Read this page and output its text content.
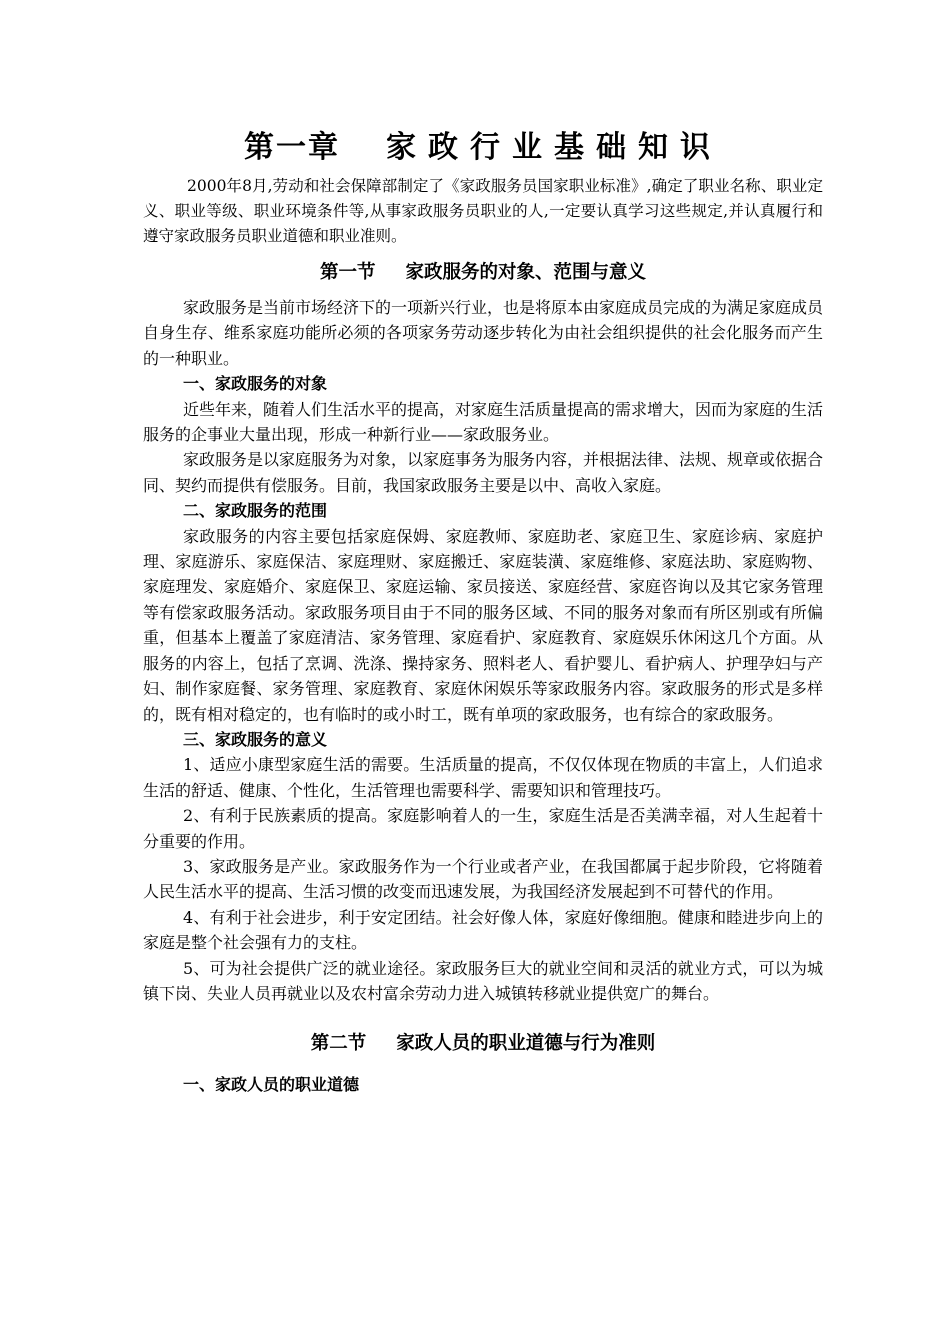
第一章 家政行业基础知识

2000年8月,劳动和社会保障部制定了《家政服务员国家职业标准》,确定了职业名称、职业定义、职业等级、职业环境条件等,从事家政服务员职业的人,一定要认真学习这些规定,并认真履行和遵守家政服务员职业道德和职业准则。

第一节 家政服务的对象、范围与意义

家政服务是当前市场经济下的一项新兴行业，也是将原本由家庭成员完成的为满足家庭成员自身生存、维系家庭功能所必须的各项家务劳动逐步转化为由社会组织提供的社会化服务而产生的一种职业。

一、家政服务的对象

近些年来，随着人们生活水平的提高，对家庭生活质量提高的需求增大，因而为家庭的生活服务的企事业大量出现，形成一种新行业——家政服务业。

家政服务是以家庭服务为对象，以家庭事务为服务内容，并根据法律、法规、规章或依据合同、契约而提供有偿服务。目前，我国家政服务主要是以中、高收入家庭。

二、家政服务的范围

家政服务的内容主要包括家庭保姆、家庭教师、家庭助老、家庭卫生、家庭诊病、家庭护理、家庭游乐、家庭保洁、家庭理财、家庭搬迁、家庭装潢、家庭维修、家庭法助、家庭购物、家庭理发、家庭婚介、家庭保卫、家庭运输、家员接送、家庭经营、家庭咨询以及其它家务管理等有偿家政服务活动。家政服务项目由于不同的服务区域、不同的服务对象而有所区别或有所偏重，但基本上覆盖了家庭清洁、家务管理、家庭看护、家庭教育、家庭娱乐休闲这几个方面。从服务的内容上，包括了烹调、洗涤、操持家务、照料老人、看护婴儿、看护病人、护理孕妇与产妇、制作家庭餐、家务管理、家庭教育、家庭休闲娱乐等家政服务内容。家政服务的形式是多样的，既有相对稳定的，也有临时的或小时工，既有单项的家政服务，也有综合的家政服务。

三、家政服务的意义

1、适应小康型家庭生活的需要。生活质量的提高，不仅仅体现在物质的丰富上，人们追求生活的舒适、健康、个性化，生活管理也需要科学、需要知识和管理技巧。

2、有利于民族素质的提高。家庭影响着人的一生，家庭生活是否美满幸福，对人生起着十分重要的作用。

3、家政服务是产业。家政服务作为一个行业或者产业，在我国都属于起步阶段，它将随着人民生活水平的提高、生活习惯的改变而迅速发展，为我国经济发展起到不可替代的作用。

4、有利于社会进步，利于安定团结。社会好像人体，家庭好像细胞。健康和睦进步向上的家庭是整个社会强有力的支柱。

5、可为社会提供广泛的就业途径。家政服务巨大的就业空间和灵活的就业方式，可以为城镇下岗、失业人员再就业以及农村富余劳动力进入城镇转移就业提供宽广的舞台。

第二节 家政人员的职业道德与行为准则
一、家政人员的职业道德
